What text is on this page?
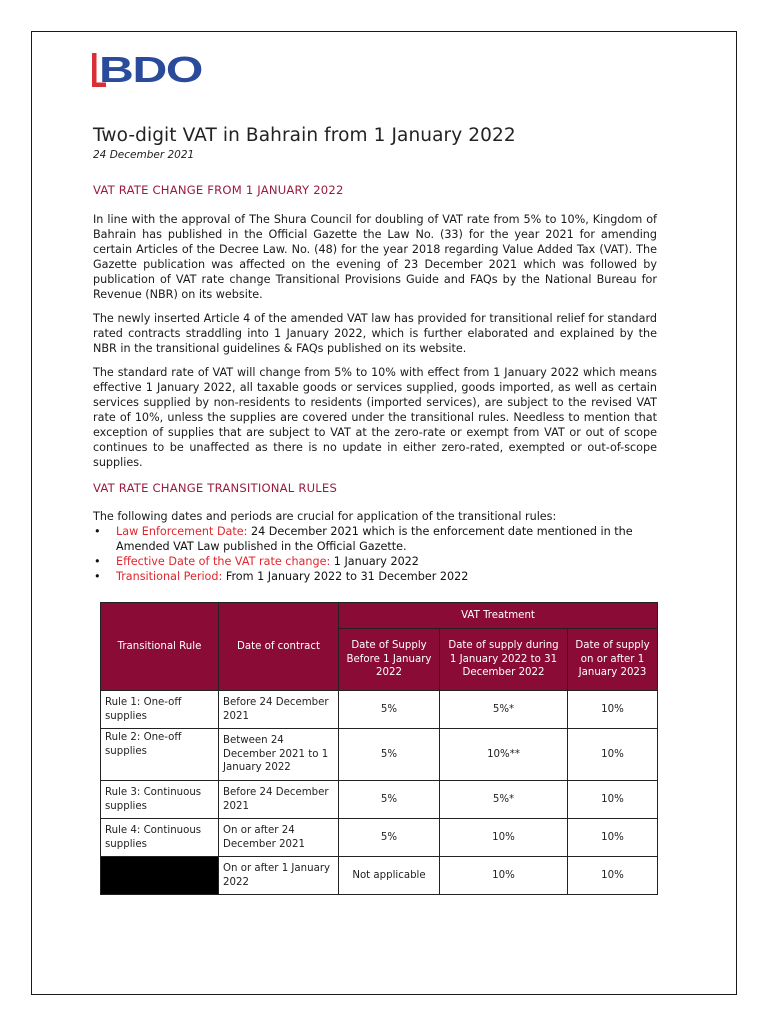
BDO
Two-digit VAT in Bahrain from 1 January 2022
24 December 2021
VAT RATE CHANGE FROM 1 JANUARY 2022

In line with the approval of The Shura Council for doubling of VAT rate from 5% to 10%, Kingdom of Bahrain has published in the Official Gazette the Law No. (33) for the year 2021 for amending certain Articles of the Decree Law. No. (48) for the year 2018 regarding Value Added Tax (VAT). The Gazette publication was affected on the evening of 23 December 2021 which was followed by publication of VAT rate change Transitional Provisions Guide and FAQs by the National Bureau for Revenue (NBR) on its website.

The newly inserted Article 4 of the amended VAT law has provided for transitional relief for standard rated contracts straddling into 1 January 2022, which is further elaborated and explained by the NBR in the transitional guidelines & FAQs published on its website.

The standard rate of VAT will change from 5% to 10% with effect from 1 January 2022 which means effective 1 January 2022, all taxable goods or services supplied, goods imported, as well as certain services supplied by non-residents to residents (imported services), are subject to the revised VAT rate of 10%, unless the supplies are covered under the transitional rules. Needless to mention that exception of supplies that are subject to VAT at the zero-rate or exempt from VAT or out of scope continues to be unaffected as there is no update in either zero-rated, exempted or out-of-scope supplies.

VAT RATE CHANGE TRANSITIONAL RULES

The following dates and periods are crucial for application of the transitional rules:

• Law Enforcement Date: 24 December 2021 which is the enforcement date mentioned in the Amended VAT Law published in the Official Gazette.
• Effective Date of the VAT rate change: 1 January 2022
• Transitional Period: From 1 January 2022 to 31 December 2022
Transitional Rule	Date of contract	VAT Treatment		
		Date of Supply Before 1 January 2022	Date of supply during 1 January 2022 to 31 December 2022	Date of supply on or after 1 January 2023
Rule 1: One-off supplies	Before 24 December 2021	5%	5%*	10%
Rule 2: One-off supplies	Between 24 December 2021 to 1 January 2022	5%	10%**	10%
Rule 3: Continuous supplies	Before 24 December 2021	5%	5%*	10%
Rule 4: Continuous supplies	On or after 24 December 2021	5%	10%	10%
	On or after 1 January 2022	Not applicable	10%	10%
